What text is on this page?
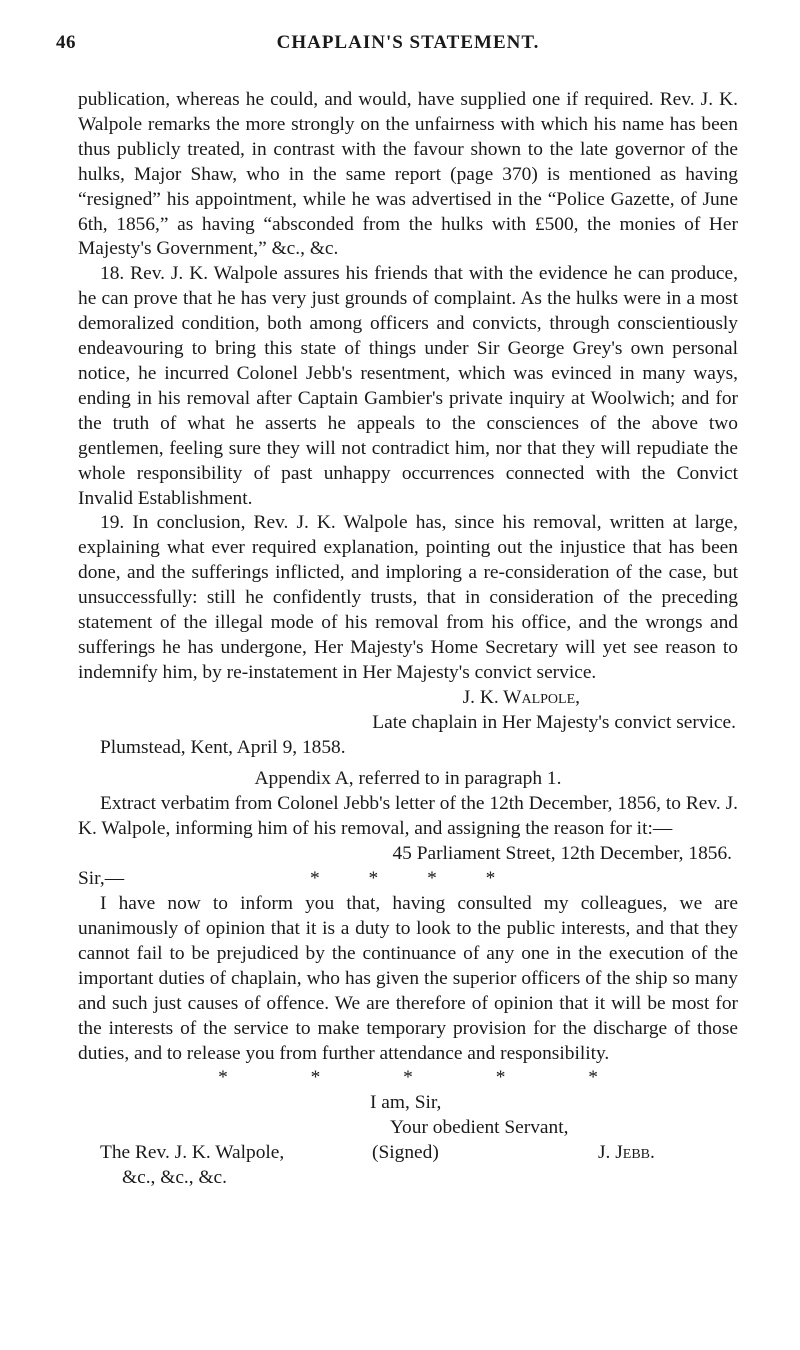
46	CHAPLAIN'S STATEMENT.

publication, whereas he could, and would, have supplied one if required. Rev. J. K. Walpole remarks the more strongly on the unfairness with which his name has been thus publicly treated, in contrast with the favour shown to the late governor of the hulks, Major Shaw, who in the same report (page 370) is mentioned as having “resigned” his appointment, while he was advertised in the “Police Gazette, of June 6th, 1856,” as having “absconded from the hulks with £500, the monies of Her Majesty's Government,” &c., &c.

18. Rev. J. K. Walpole assures his friends that with the evidence he can produce, he can prove that he has very just grounds of complaint. As the hulks were in a most demoralized condition, both among officers and convicts, through conscientiously endeavouring to bring this state of things under Sir George Grey's own personal notice, he incurred Colonel Jebb's resentment, which was evinced in many ways, ending in his removal after Captain Gambier's private inquiry at Woolwich; and for the truth of what he asserts he appeals to the consciences of the above two gentlemen, feeling sure they will not contradict him, nor that they will repudiate the whole responsibility of past unhappy occurrences connected with the Convict Invalid Establishment.

19. In conclusion, Rev. J. K. Walpole has, since his removal, written at large, explaining what ever required explanation, pointing out the injustice that has been done, and the sufferings inflicted, and imploring a re-consideration of the case, but unsuccessfully: still he confidently trusts, that in consideration of the preceding statement of the illegal mode of his removal from his office, and the wrongs and sufferings he has undergone, Her Majesty's Home Secretary will yet see reason to indemnify him, by re-instatement in Her Majesty's convict service.

J. K. Walpole,
Late chaplain in Her Majesty's convict service.
Plumstead, Kent, April 9, 1858.
Appendix A, referred to in paragraph 1.

Extract verbatim from Colonel Jebb's letter of the 12th December, 1856, to Rev. J. K. Walpole, informing him of his removal, and assigning the reason for it:—

45 Parliament Street, 12th December, 1856.
Sir,—	* * * *

I have now to inform you that, having consulted my colleagues, we are unanimously of opinion that it is a duty to look to the public interests, and that they cannot fail to be prejudiced by the continuance of any one in the execution of the important duties of chaplain, who has given the superior officers of the ship so many and such just causes of offence. We are therefore of opinion that it will be most for the interests of the service to make temporary provision for the discharge of those duties, and to release you from further attendance and responsibility.

* * * * *
I am, Sir,
Your obedient Servant,
The Rev. J. K. Walpole,	(Signed)	J. Jebb.
&c., &c., &c.
